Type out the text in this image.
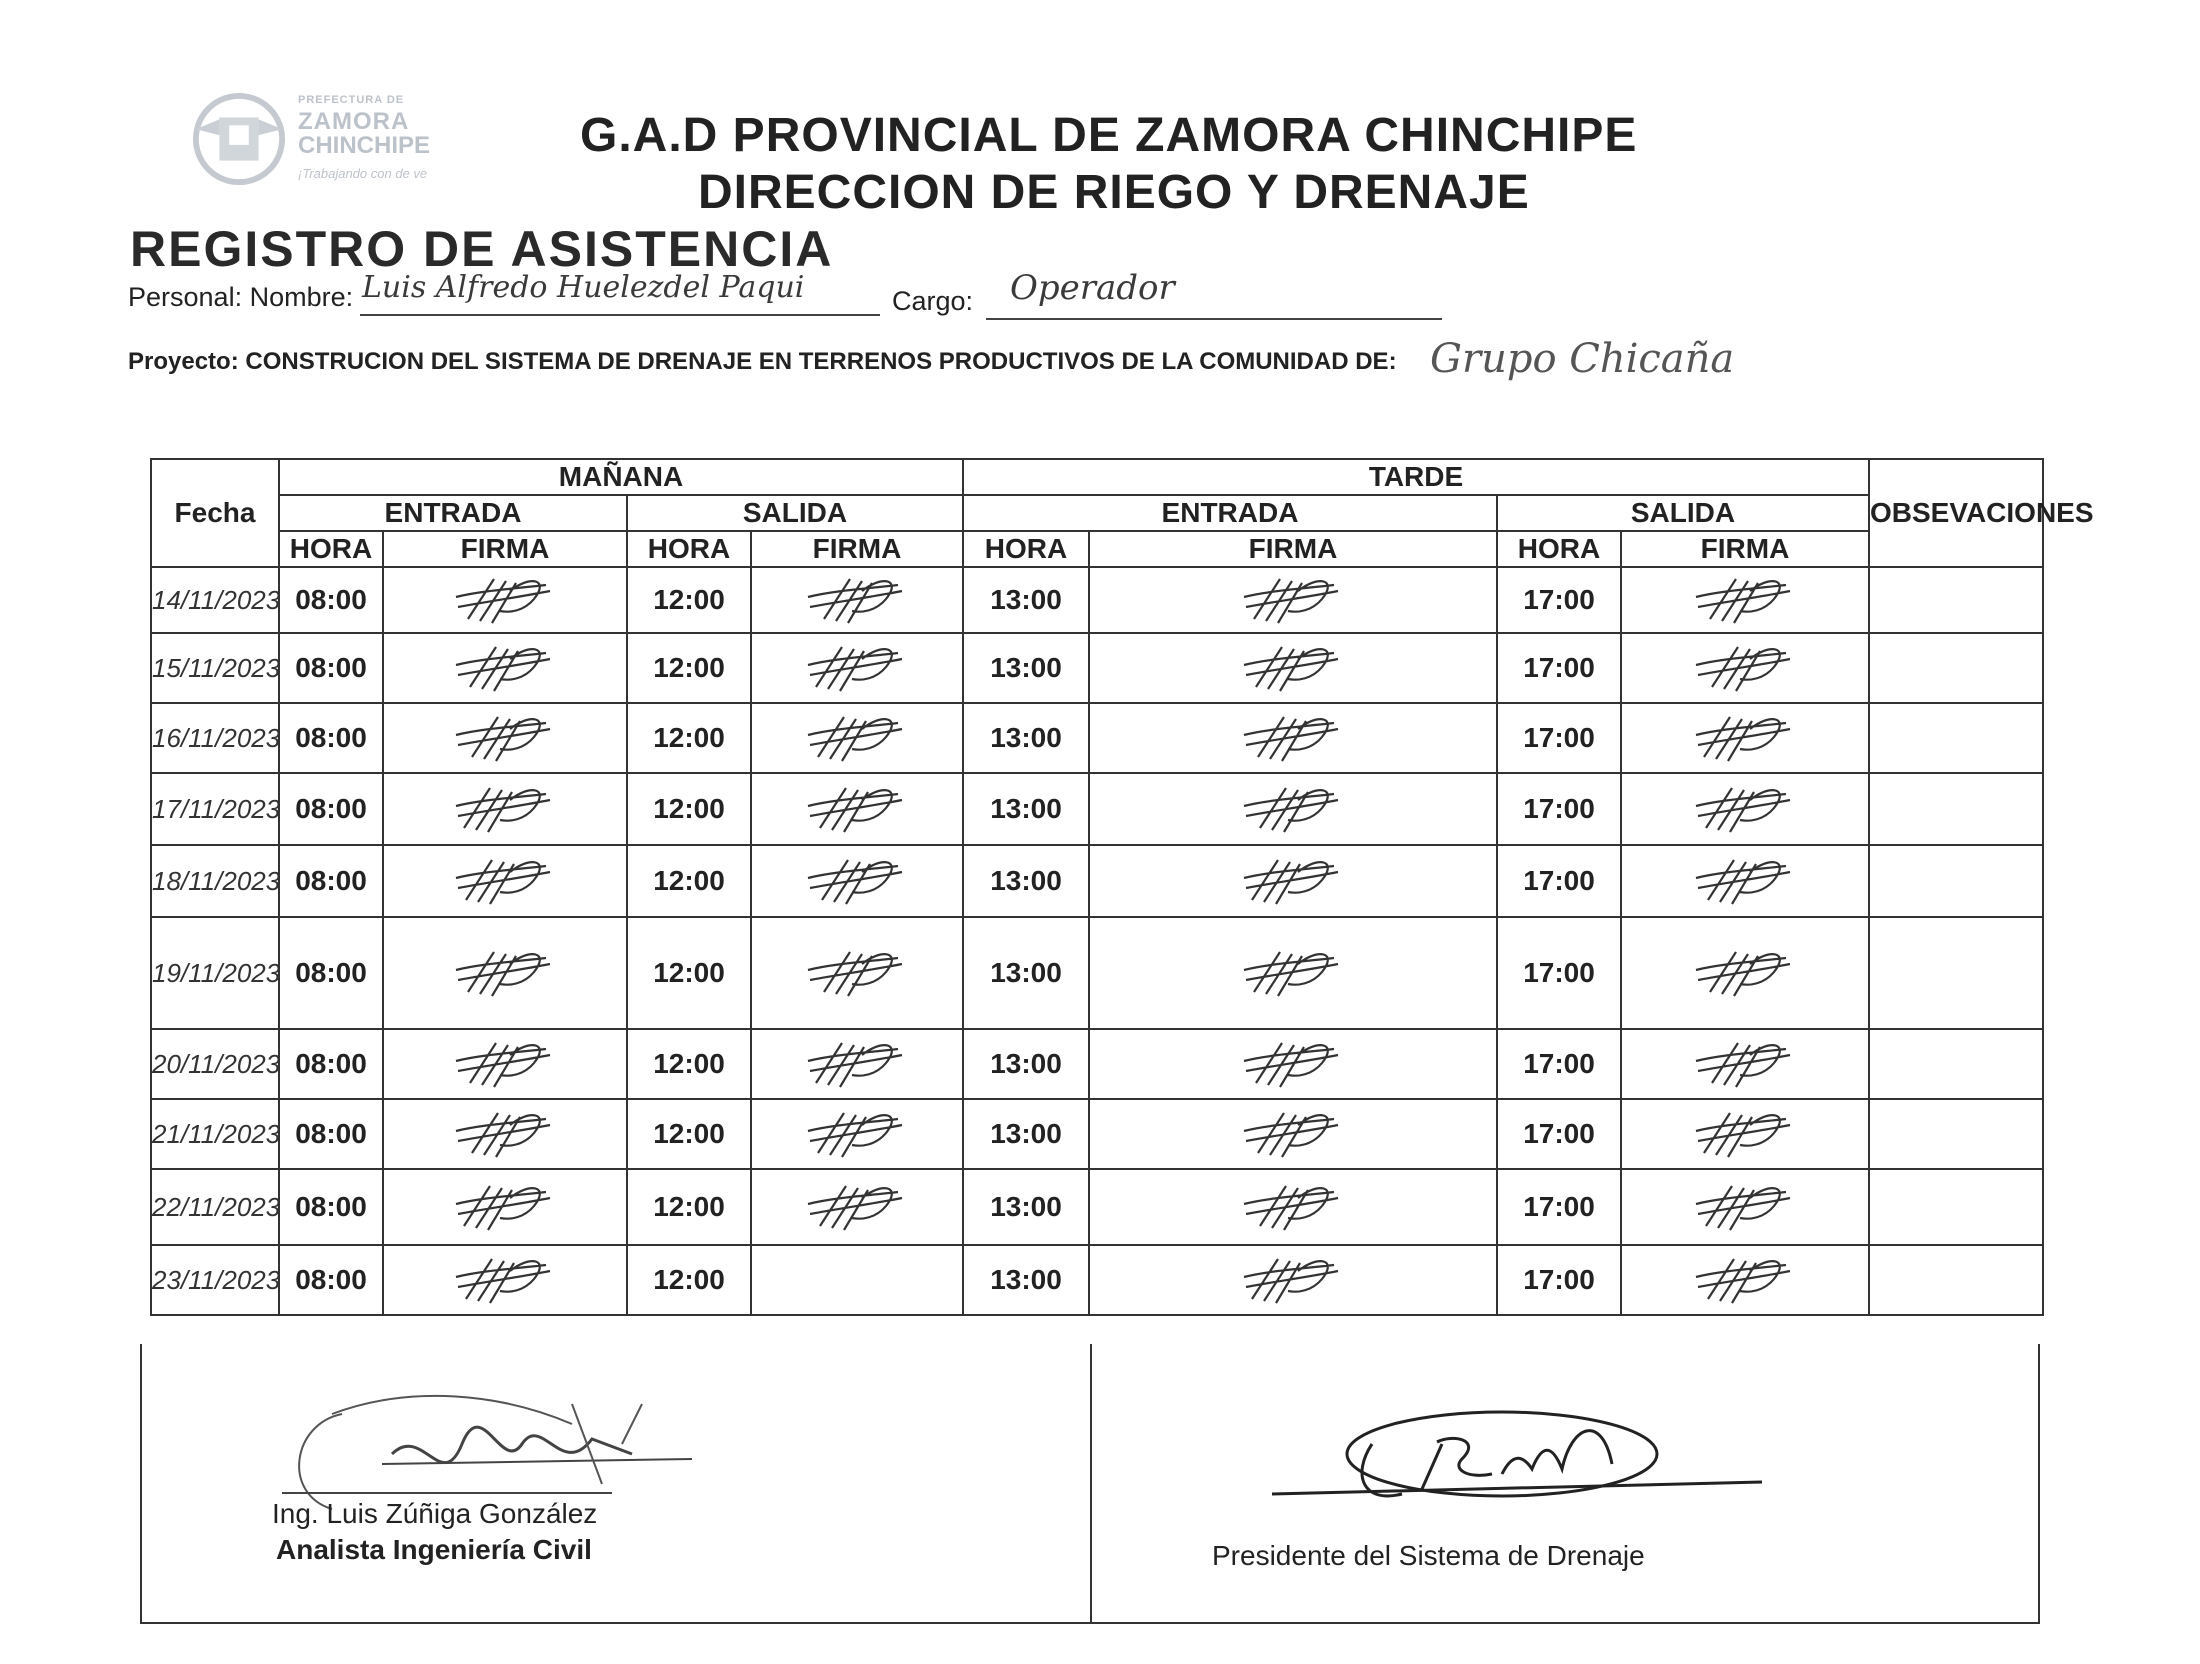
PREFECTURA DE
ZAMORA
CHINCHIPE
¡Trabajando con de ve
G.A.D PROVINCIAL DE ZAMORA CHINCHIPE
DIRECCION DE RIEGO Y DRENAJE
REGISTRO DE ASISTENCIA
Personal: Nombre: Luis Alfredo Huelezdel Paqui	Cargo: Operador
Proyecto: CONSTRUCION DEL SISTEMA DE DRENAJE EN TERRENOS PRODUCTIVOS DE LA COMUNIDAD DE: Grupo Chicaña
Fecha	MAÑANA				TARDE				OBSEVACIONES
	ENTRADA		SALIDA		ENTRADA		SALIDA		
	HORA	FIRMA	HORA	FIRMA	HORA	FIRMA	HORA	FIRMA	
14/11/2023	08:00		12:00		13:00		17:00	

15/11/2023	08:00		12:00		13:00		17:00	

16/11/2023	08:00		12:00		13:00		17:00	

17/11/2023	08:00		12:00		13:00		17:00	

18/11/2023	08:00		12:00		13:00		17:00	

19/11/2023	08:00		12:00		13:00		17:00	

20/11/2023	08:00		12:00		13:00		17:00	

21/11/2023	08:00		12:00		13:00		17:00	

22/11/2023	08:00		12:00		13:00		17:00	

23/11/2023	08:00		12:00		13:00		17:00	

Ing. Luis Zúñiga González
Analista Ingeniería Civil	Presidente del Sistema de Drenaje
